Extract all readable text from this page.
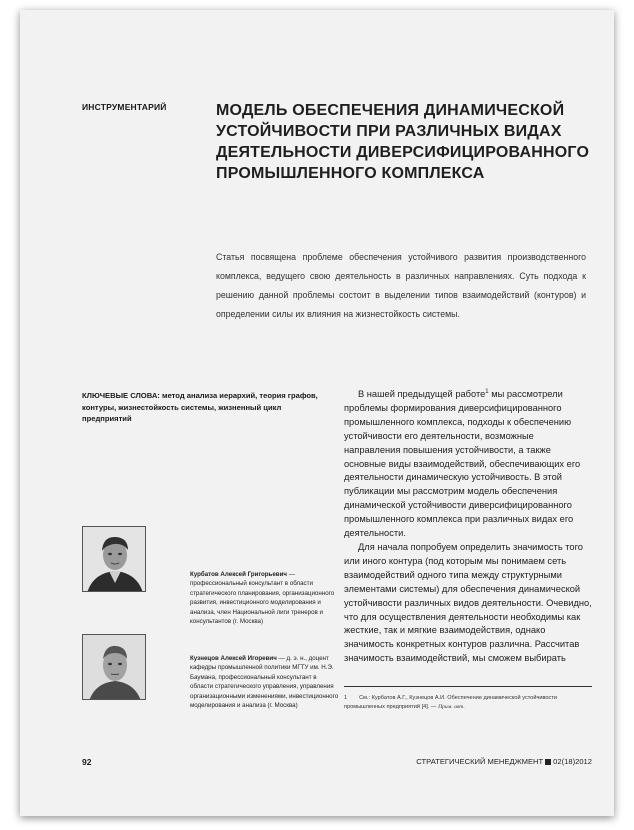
ИНСТРУМЕНТАРИЙ	МОДЕЛЬ ОБЕСПЕЧЕНИЯ ДИНАМИЧЕСКОЙ
УСТОЙЧИВОСТИ ПРИ РАЗЛИЧНЫХ ВИДАХ
ДЕЯТЕЛЬНОСТИ ДИВЕРСИФИЦИРОВАННОГО
ПРОМЫШЛЕННОГО КОМПЛЕКСА
Статья посвящена проблеме обеспечения устойчивого развития производственного комплекса, ведущего свою деятельность в различных направлениях. Суть подхода к решению данной проблемы состоит в выделении типов взаимодействий (контуров) и определении силы их влияния на жизнестойкость системы.
КЛЮЧЕВЫЕ СЛОВА: метод анализа иерархий, теория графов, контуры, жизнестойкость системы, жизненный цикл предприятий

В нашей предыдущей работе$^1$ мы рассмотрели проблемы формирования диверсифицированного промышленного комплекса, подходы к обеспечению устойчивости его деятельности, возможные направления повышения устойчивости, а также основные виды взаимодействий, обеспечивающих его деятельности динамическую устойчивость. В этой публикации мы рассмотрим модель обеспечения динамической устойчивости диверсифицированного промышленного комплекса при различных видах его деятельности.

Для начала попробуем определить значимость того или иного контура (под которым мы понимаем сеть взаимодействий одного типа между структурными элементами системы) для обеспечения динамической устойчивости различных видов деятельности. Очевидно, что для осуществления деятельности необходимы как жесткие, так и мягкие взаимодействия, однако значимость конкретных контуров различна. Рассчитав значимость взаимодействий, мы сможем выбирать

Курбатов Алексей Григорьевич — профессиональный консультант в области стратегического планирования, организационного развития, инвестиционного моделирования и анализа, член Национальной лиги тренеров и консультантов (г. Москва)
Кузнецов Алексей Игоревич — д. э. н., доцент кафедры промышленной политики МГТУ им. Н.Э. Баумана, профессиональный консультант в области стратегического управления, управления организационными изменениями, инвестиционного моделирования и анализа (г. Москва)
1 См.: Курбатов А.Г., Кузнецов А.И. Обеспечение динамической устойчивости промышленных предприятий [4]. — Прим. авт.
92	СТРАТЕГИЧЕСКИЙ МЕНЕДЖМЕНТ 02(18)2012
